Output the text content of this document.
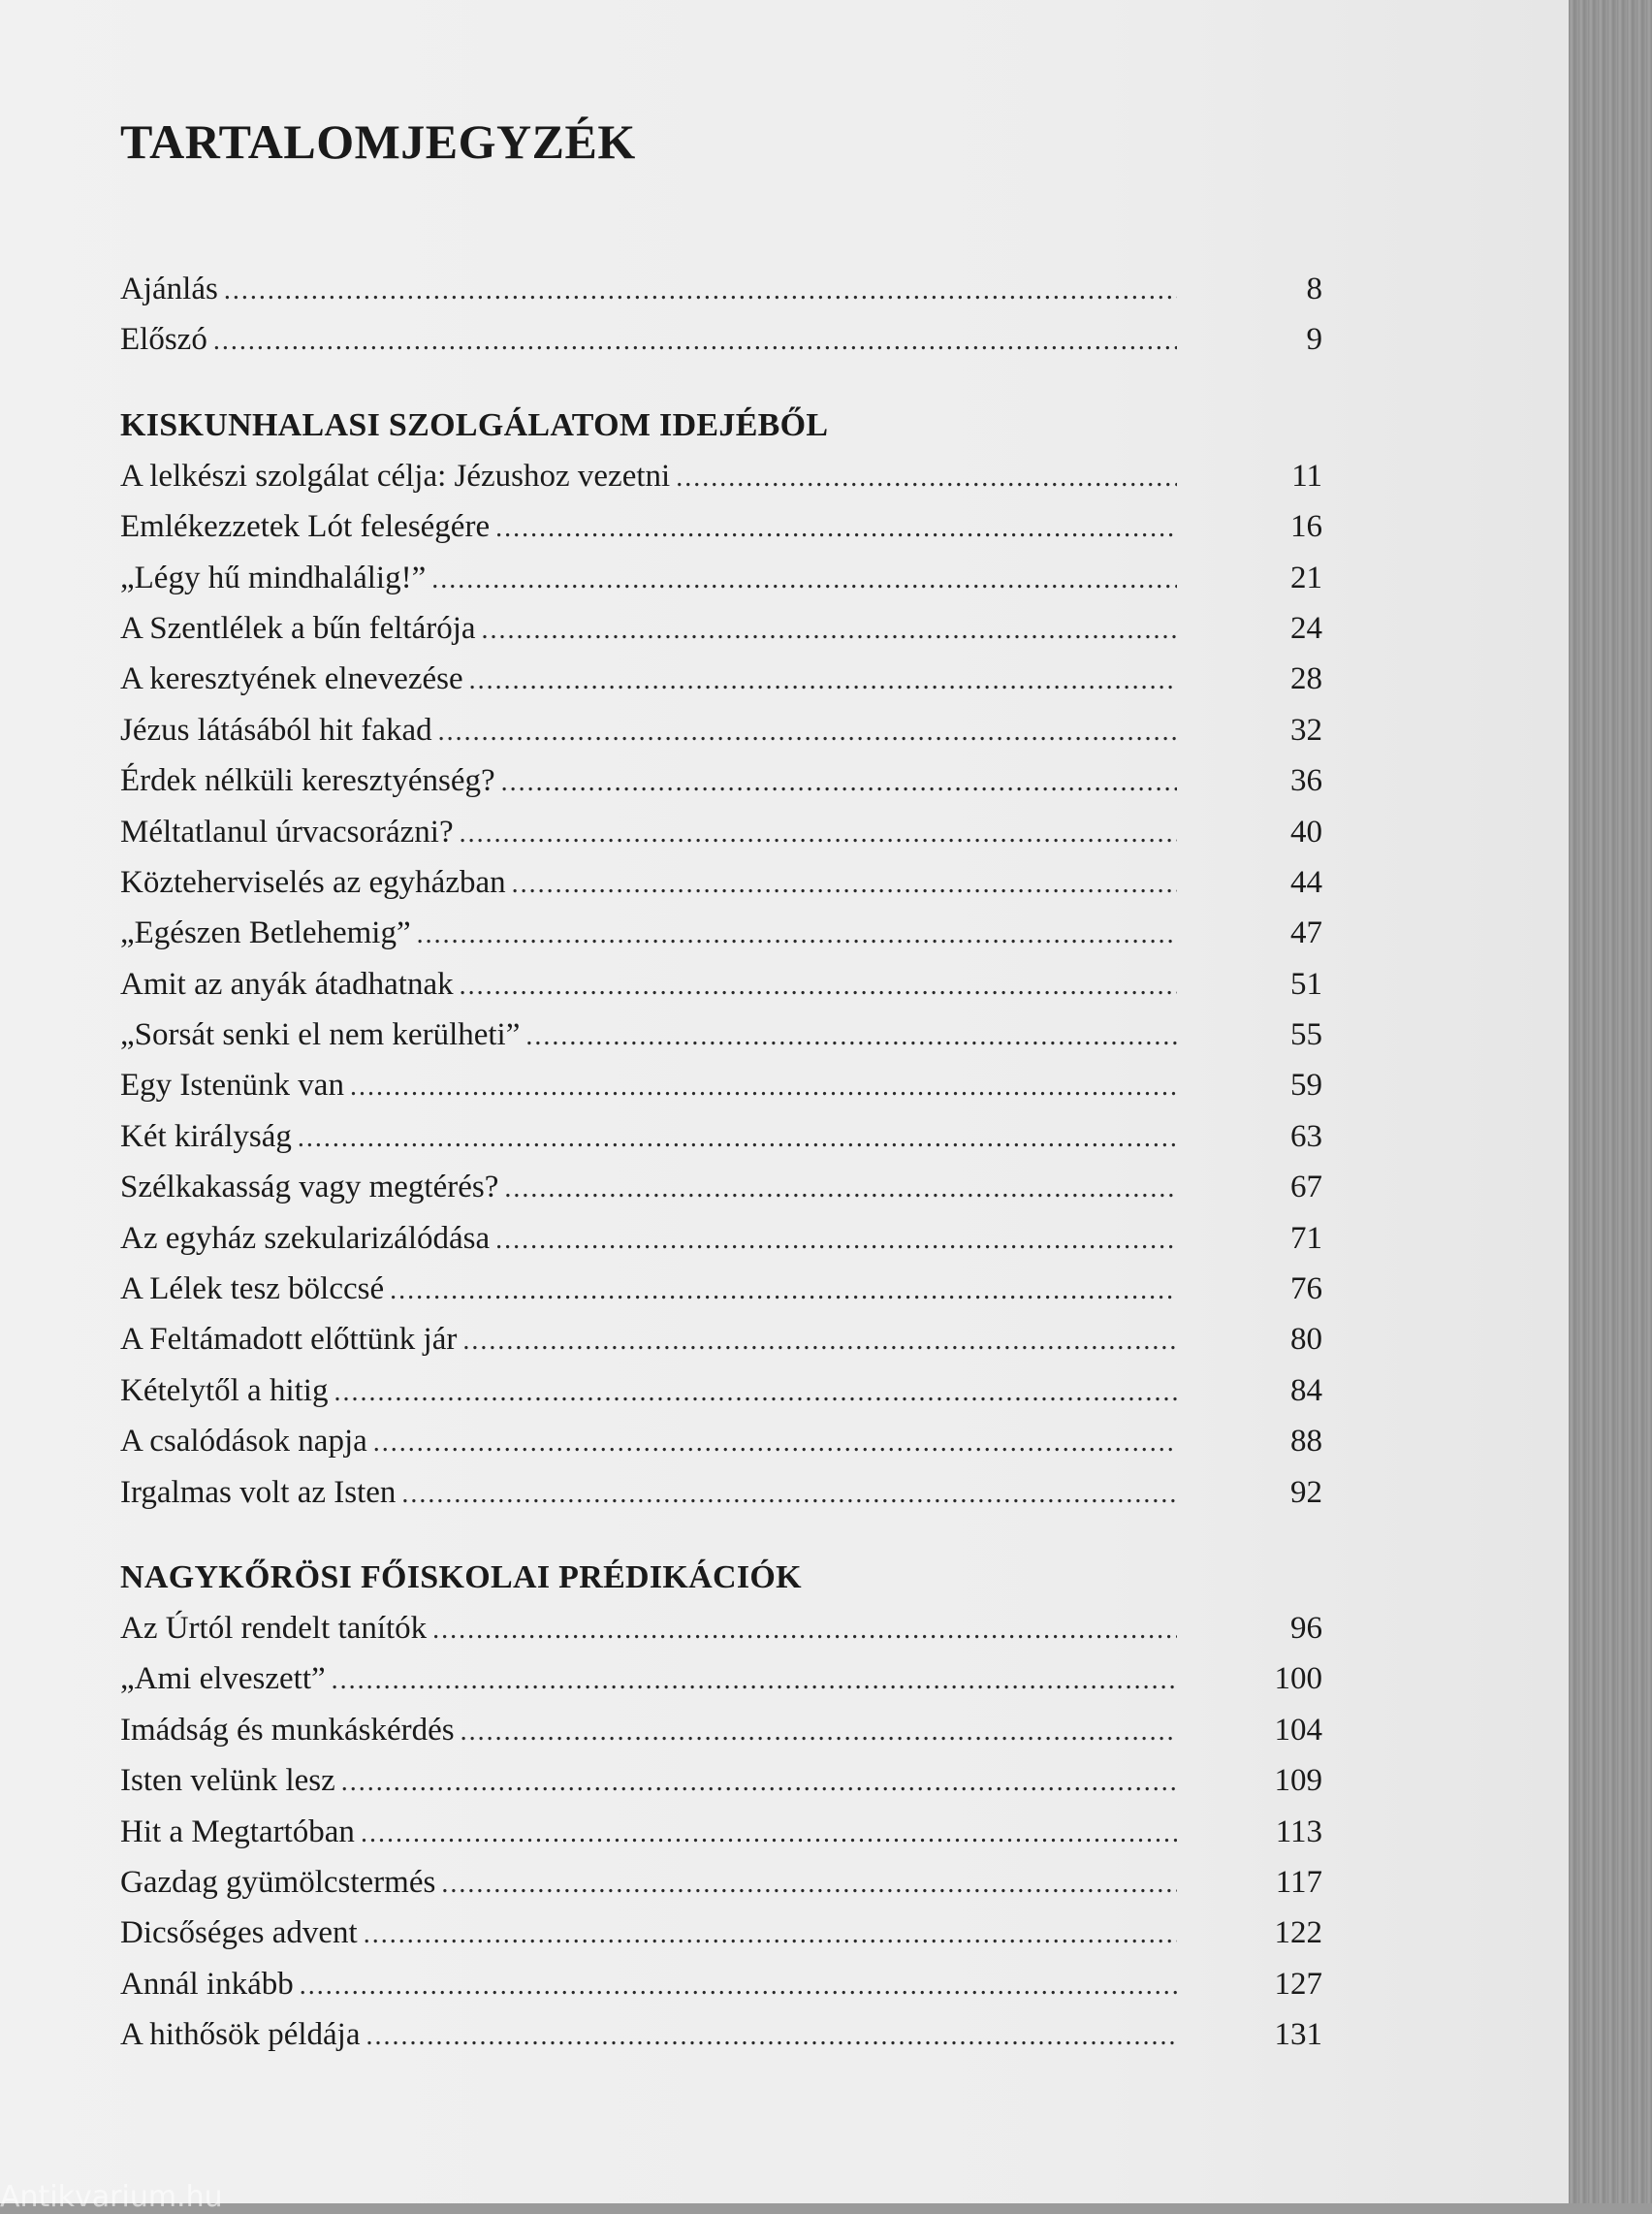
TARTALOMJEGYZÉK
Ajánlás .....	8
Előszó .....	9
KISKUNHALASI SZOLGÁLATOM IDEJÉBŐL
A lelkészi szolgálat célja: Jézushoz vezetni .....	11
Emlékezzetek Lót feleségére .....	16
„Légy hű mindhalálig!” .....	21
A Szentlélek a bűn feltárója .....	24
A keresztyének elnevezése .....	28
Jézus látásából hit fakad .....	32
Érdek nélküli keresztyénség? .....	36
Méltatlanul úrvacsorázni? .....	40
Közteherviselés az egyházban .....	44
„Egészen Betlehemig” .....	47
Amit az anyák átadhatnak .....	51
„Sorsát senki el nem kerülheti” .....	55
Egy Istenünk van .....	59
Két királyság .....	63
Szélkakasság vagy megtérés? .....	67
Az egyház szekularizálódása .....	71
A Lélek tesz bölccsé .....	76
A Feltámadott előttünk jár .....	80
Kételytől a hitig .....	84
A csalódások napja .....	88
Irgalmas volt az Isten .....	92
NAGYKŐRÖSI FŐISKOLAI PRÉDIKÁCIÓK
Az Úrtól rendelt tanítók .....	96
„Ami elveszett” .....	100
Imádság és munkáskérdés .....	104
Isten velünk lesz .....	109
Hit a Megtartóban .....	113
Gazdag gyümölcstermés .....	117
Dicsőséges advent .....	122
Annál inkább .....	127
A hithősök példája .....	131
Antikvarium.hu
